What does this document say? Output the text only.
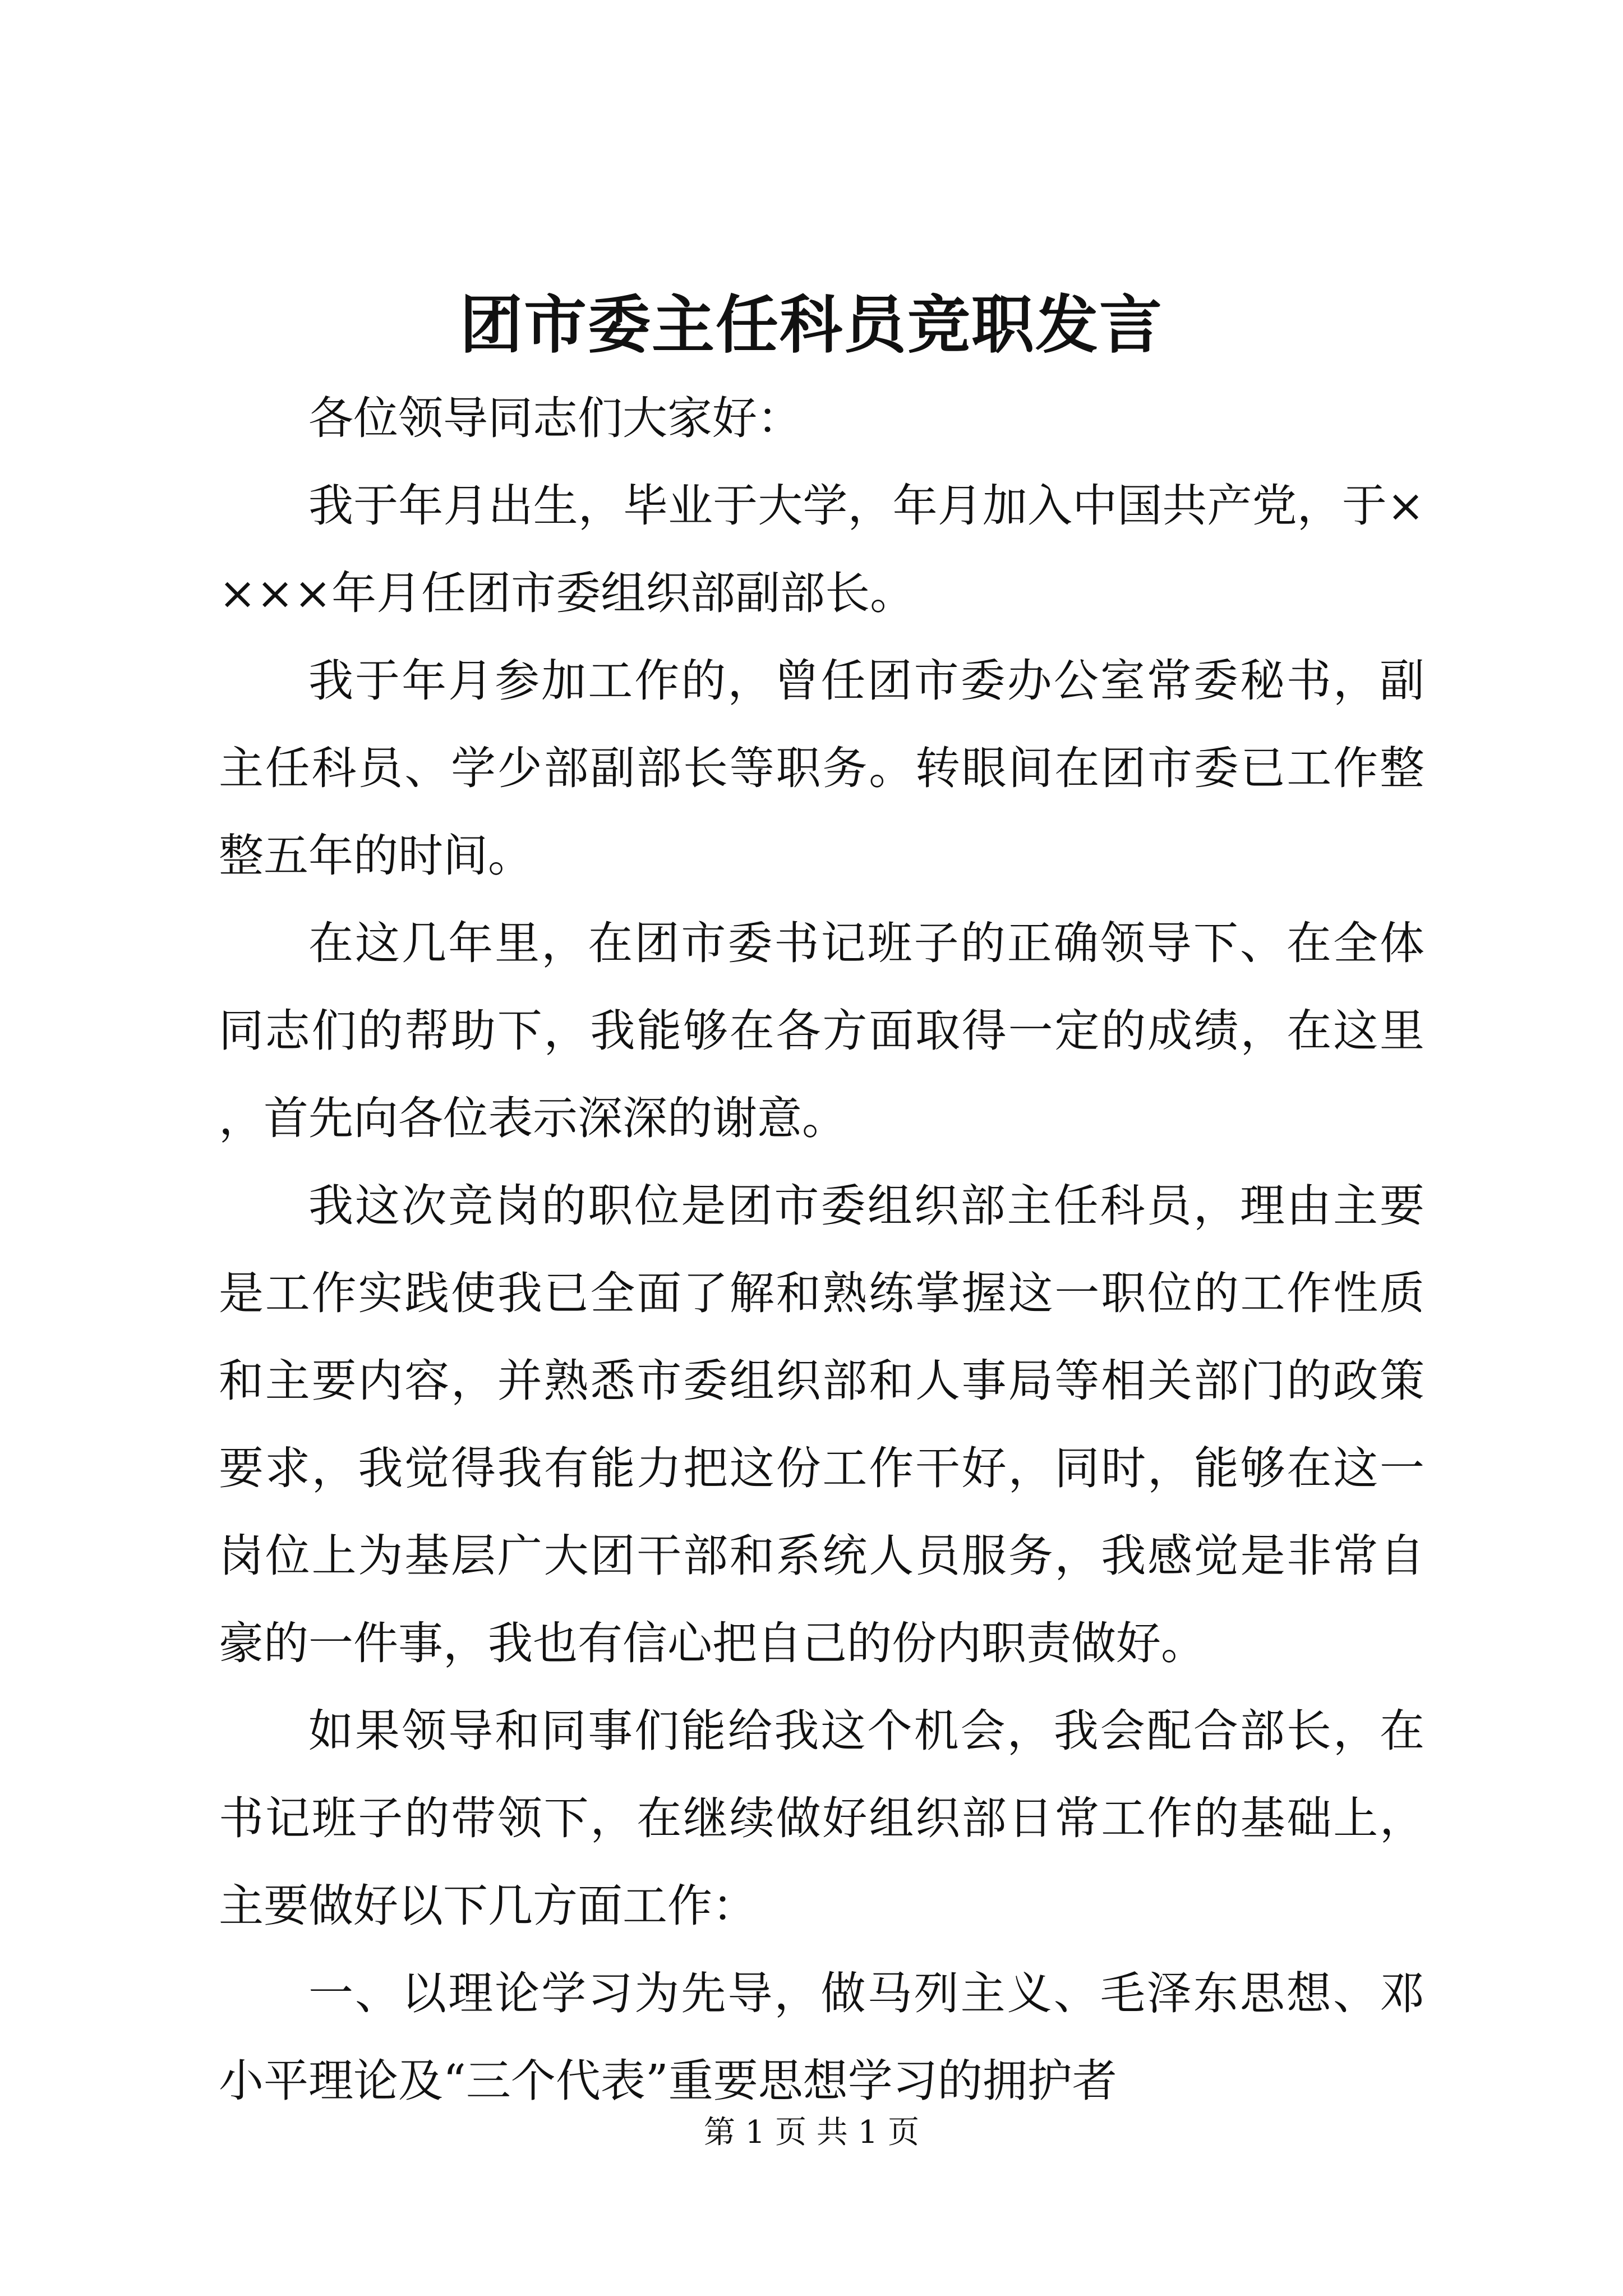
团市委主任科员竞职发言

各位领导同志们大家好：

我于年月出生，毕业于大学，年月加入中国共产党，于××××年月任团市委组织部副部长。

我于年月参加工作的，曾任团市委办公室常委秘书，副主任科员、学少部副部长等职务。转眼间在团市委已工作整整五年的时间。

在这几年里，在团市委书记班子的正确领导下、在全体同志们的帮助下，我能够在各方面取得一定的成绩，在这里，首先向各位表示深深的谢意。

我这次竞岗的职位是团市委组织部主任科员，理由主要是工作实践使我已全面了解和熟练掌握这一职位的工作性质和主要内容，并熟悉市委组织部和人事局等相关部门的政策要求，我觉得我有能力把这份工作干好，同时，能够在这一岗位上为基层广大团干部和系统人员服务，我感觉是非常自豪的一件事，我也有信心把自己的份内职责做好。

如果领导和同事们能给我这个机会，我会配合部长，在书记班子的带领下，在继续做好组织部日常工作的基础上，主要做好以下几方面工作：

一、以理论学习为先导，做马列主义、毛泽东思想、邓小平理论及“三个代表”重要思想学习的拥护者

第 1 页 共 1 页
